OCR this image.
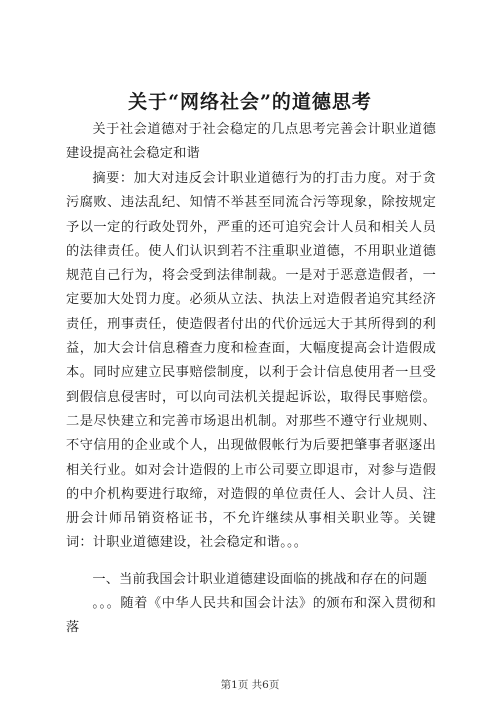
关于“网络社会”的道德思考
关于社会道德对于社会稳定的几点思考完善会计职业道德建设提高社会稳定和谐
摘要：加大对违反会计职业道德行为的打击力度。对于贪污腐败、违法乱纪、知情不举甚至同流合污等现象，除按规定予以一定的行政处罚外，严重的还可追究会计人员和相关人员的法律责任。使人们认识到若不注重职业道德，不用职业道德规范自己行为，将会受到法律制裁。一是对于恶意造假者，一定要加大处罚力度。必须从立法、执法上对造假者追究其经济责任，刑事责任，使造假者付出的代价远远大于其所得到的利益，加大会计信息稽查力度和检查面，大幅度提高会计造假成本。同时应建立民事赔偿制度，以利于会计信息使用者一旦受到假信息侵害时，可以向司法机关提起诉讼，取得民事赔偿。二是尽快建立和完善市场退出机制。对那些不遵守行业规则、不守信用的企业或个人，出现做假帐行为后要把肇事者驱逐出相关行业。如对会计造假的上市公司要立即退市，对参与造假的中介机构要进行取缔，对造假的单位责任人、会计人员、注册会计师吊销资格证书，不允许继续从事相关职业等。关键词：计职业道德建设，社会稳定和谐。。。
一、当前我国会计职业道德建设面临的挑战和存在的问题
。。。随着《中华人民共和国会计法》的颁布和深入贯彻和落
第1页 共6页
